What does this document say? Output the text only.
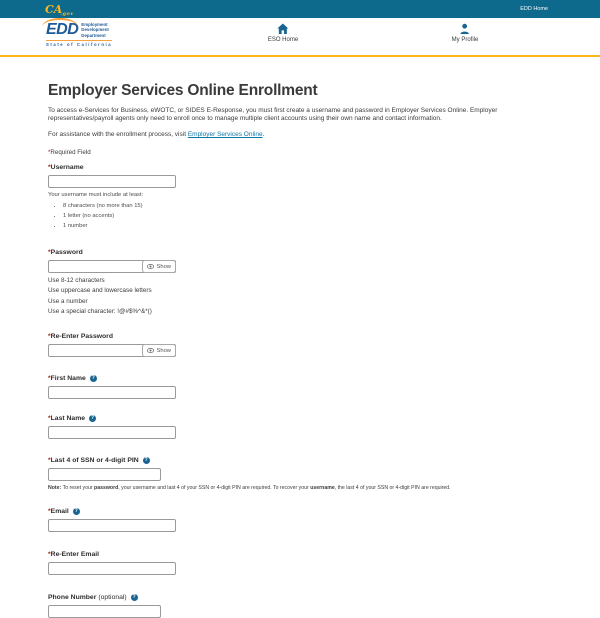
CA.gov
EDD Home
EDD Employment
Development
Department
State of California
ESO Home	My Profile
Employer Services Online Enrollment

To access e-Services for Business, eWOTC, or SIDES E-Response, you must first create a username and password in Employer Services Online. Employer representatives/payroll agents only need to enroll once to manage multiple client accounts using their own name and contact information.

For assistance with the enrollment process, visit Employer Services Online.

*Required Field
* Username
Your username must include at least:
• 8 characters (no more than 15)
• 1 letter (no accents)
• 1 number
* Password
Show
Use 8-12 characters
Use uppercase and lowercase letters
Use a number
Use a special character: !@#$%^&*()
* Re-Enter Password
Show
* First Name	?
* Last Name	?
* Last 4 of SSN or 4-digit PIN	?
Note: To reset your password, your username and last 4 of your SSN or 4-digit PIN are required. To recover your username, the last 4 of your SSN or 4-digit PIN are required.
* Email	?
* Re-Enter Email
Phone Number (optional)	?
